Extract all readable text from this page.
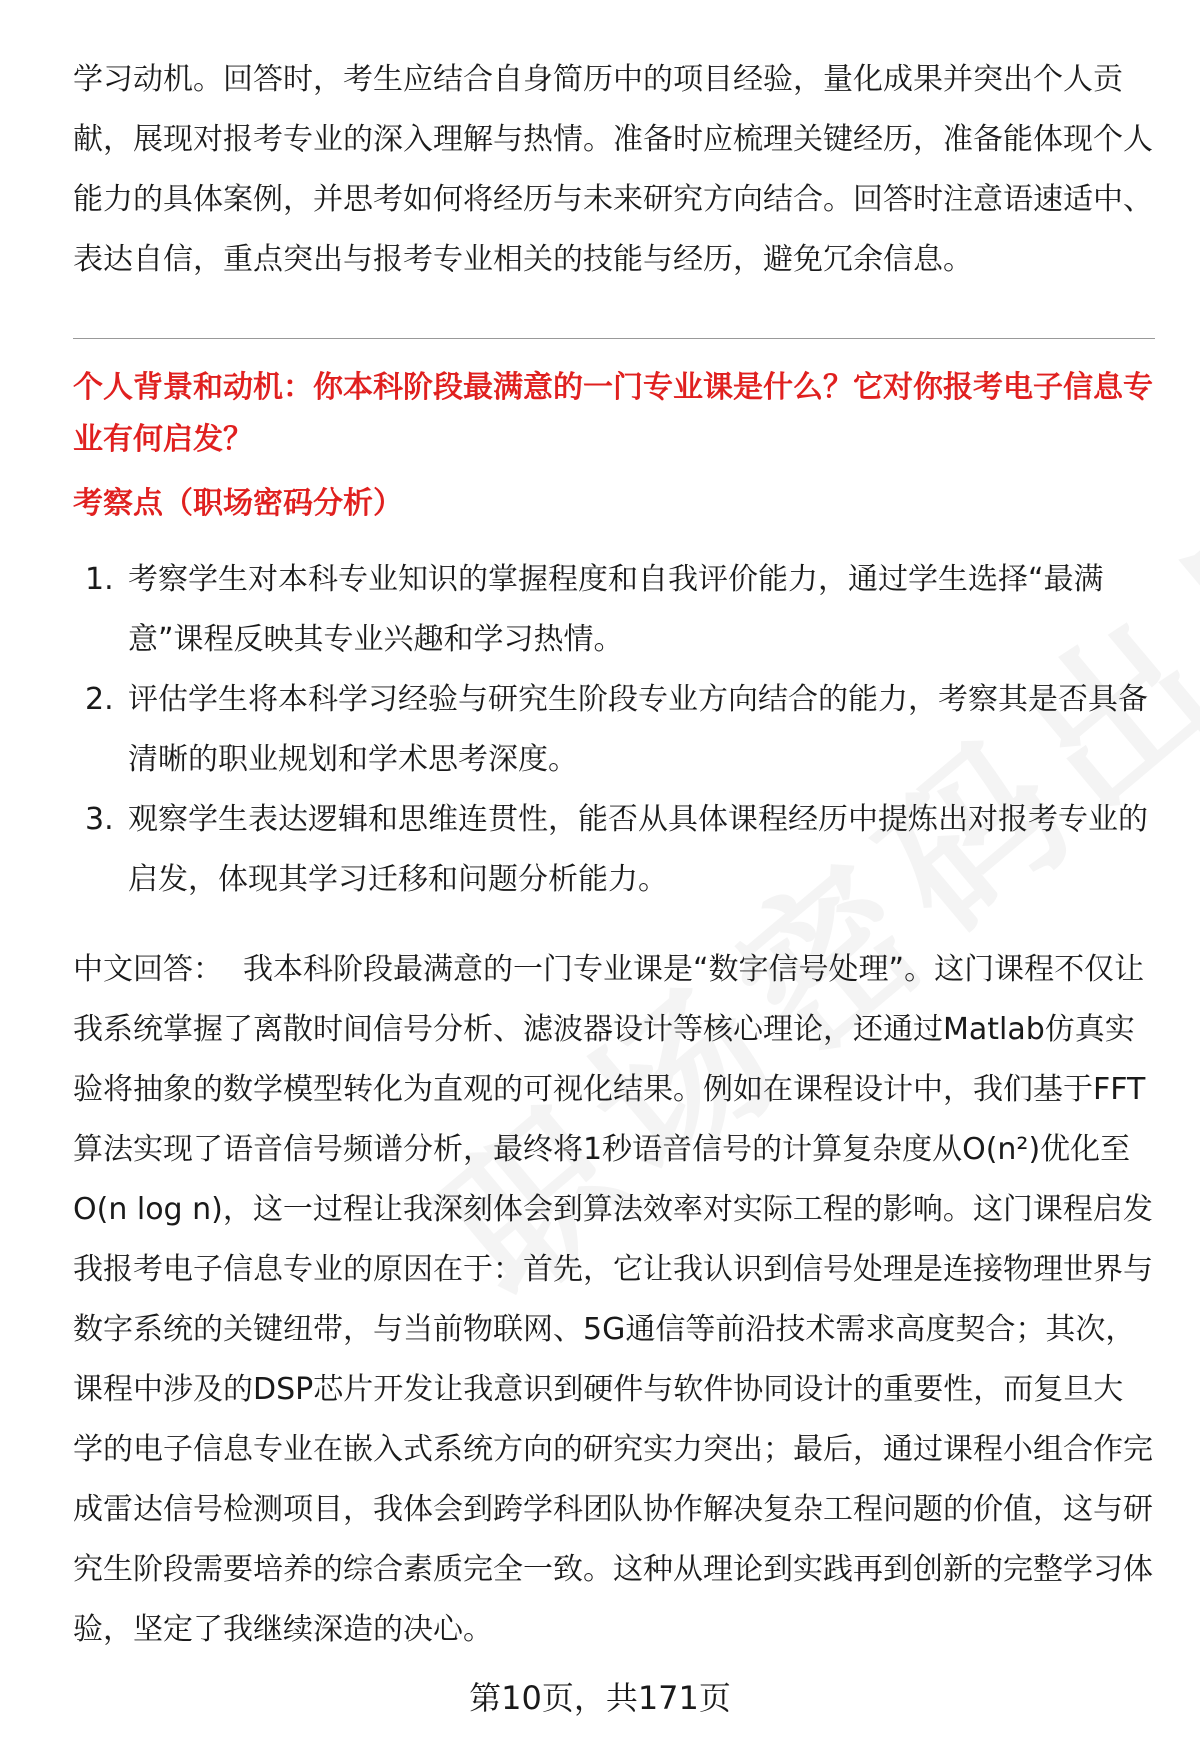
学习动机。回答时，考生应结合自身简历中的项目经验，量化成果并突出个人贡献，展现对报考专业的深入理解与热情。准备时应梳理关键经历，准备能体现个人能力的具体案例，并思考如何将经历与未来研究方向结合。回答时注意语速适中、表达自信，重点突出与报考专业相关的技能与经历，避免冗余信息。

个人背景和动机：你本科阶段最满意的一门专业课是什么？它对你报考电子信息专业有何启发？
考察点（职场密码分析）
1. 考察学生对本科专业知识的掌握程度和自我评价能力，通过学生选择“最满意”课程反映其专业兴趣和学习热情。
2. 评估学生将本科学习经验与研究生阶段专业方向结合的能力，考察其是否具备清晰的职业规划和学术思考深度。
3. 观察学生表达逻辑和思维连贯性，能否从具体课程经历中提炼出对报考专业的启发，体现其学习迁移和问题分析能力。

中文回答： 我本科阶段最满意的一门专业课是“数字信号处理”。这门课程不仅让我系统掌握了离散时间信号分析、滤波器设计等核心理论，还通过Matlab仿真实验将抽象的数学模型转化为直观的可视化结果。例如在课程设计中，我们基于FFT算法实现了语音信号频谱分析，最终将1秒语音信号的计算复杂度从O(n²)优化至O(n log n)，这一过程让我深刻体会到算法效率对实际工程的影响。这门课程启发我报考电子信息专业的原因在于：首先，它让我认识到信号处理是连接物理世界与数字系统的关键纽带，与当前物联网、5G通信等前沿技术需求高度契合；其次，课程中涉及的DSP芯片开发让我意识到硬件与软件协同设计的重要性，而复旦大学的电子信息专业在嵌入式系统方向的研究实力突出；最后，通过课程小组合作完成雷达信号检测项目，我体会到跨学科团队协作解决复杂工程问题的价值，这与研究生阶段需要培养的综合素质完全一致。这种从理论到实践再到创新的完整学习体验，坚定了我继续深造的决心。

第10页，共171页
